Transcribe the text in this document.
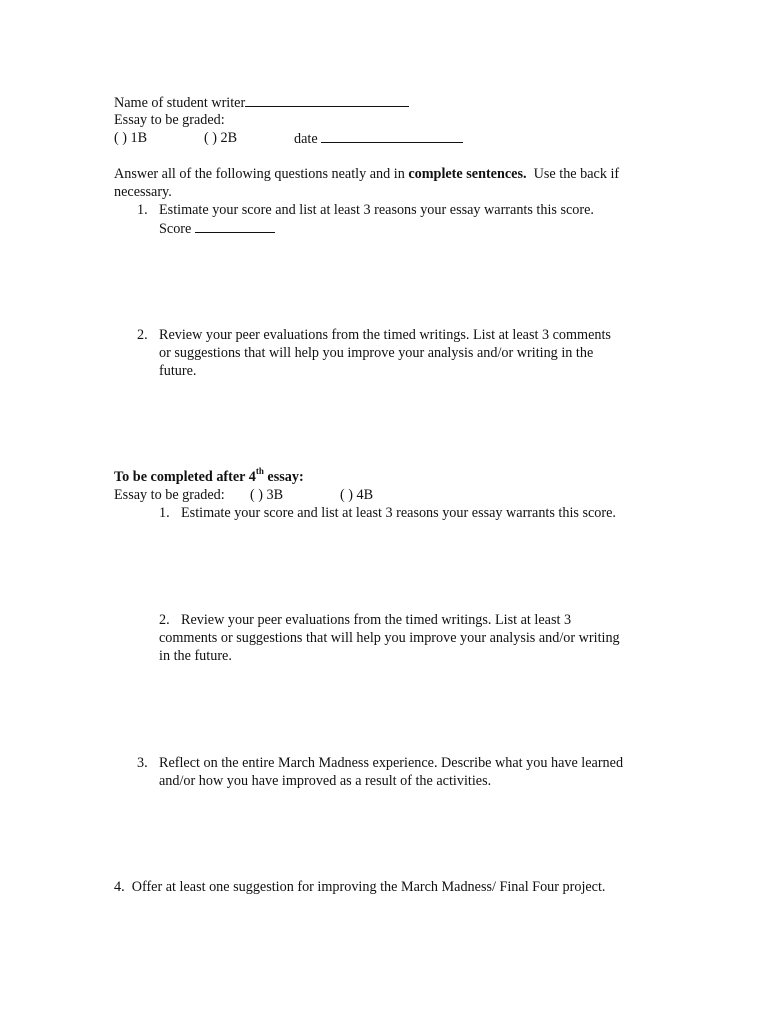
Name of student writer
Essay to be graded:
( ) 1B	( ) 2B	date
Answer all of the following questions neatly and in complete sentences.  Use the back if
necessary.
1. Estimate your score and list at least 3 reasons your essay warrants this score.
Score
2. Review your peer evaluations from the timed writings. List at least 3 comments
or suggestions that will help you improve your analysis and/or writing in the
future.
To be completed after 4th essay:
Essay to be graded: ( ) 3B	( ) 4B
1. Estimate your score and list at least 3 reasons your essay warrants this score.
2. Review your peer evaluations from the timed writings. List at least 3
comments or suggestions that will help you improve your analysis and/or writing
in the future.
3. Reflect on the entire March Madness experience. Describe what you have learned
and/or how you have improved as a result of the activities.
4.  Offer at least one suggestion for improving the March Madness/ Final Four project.
